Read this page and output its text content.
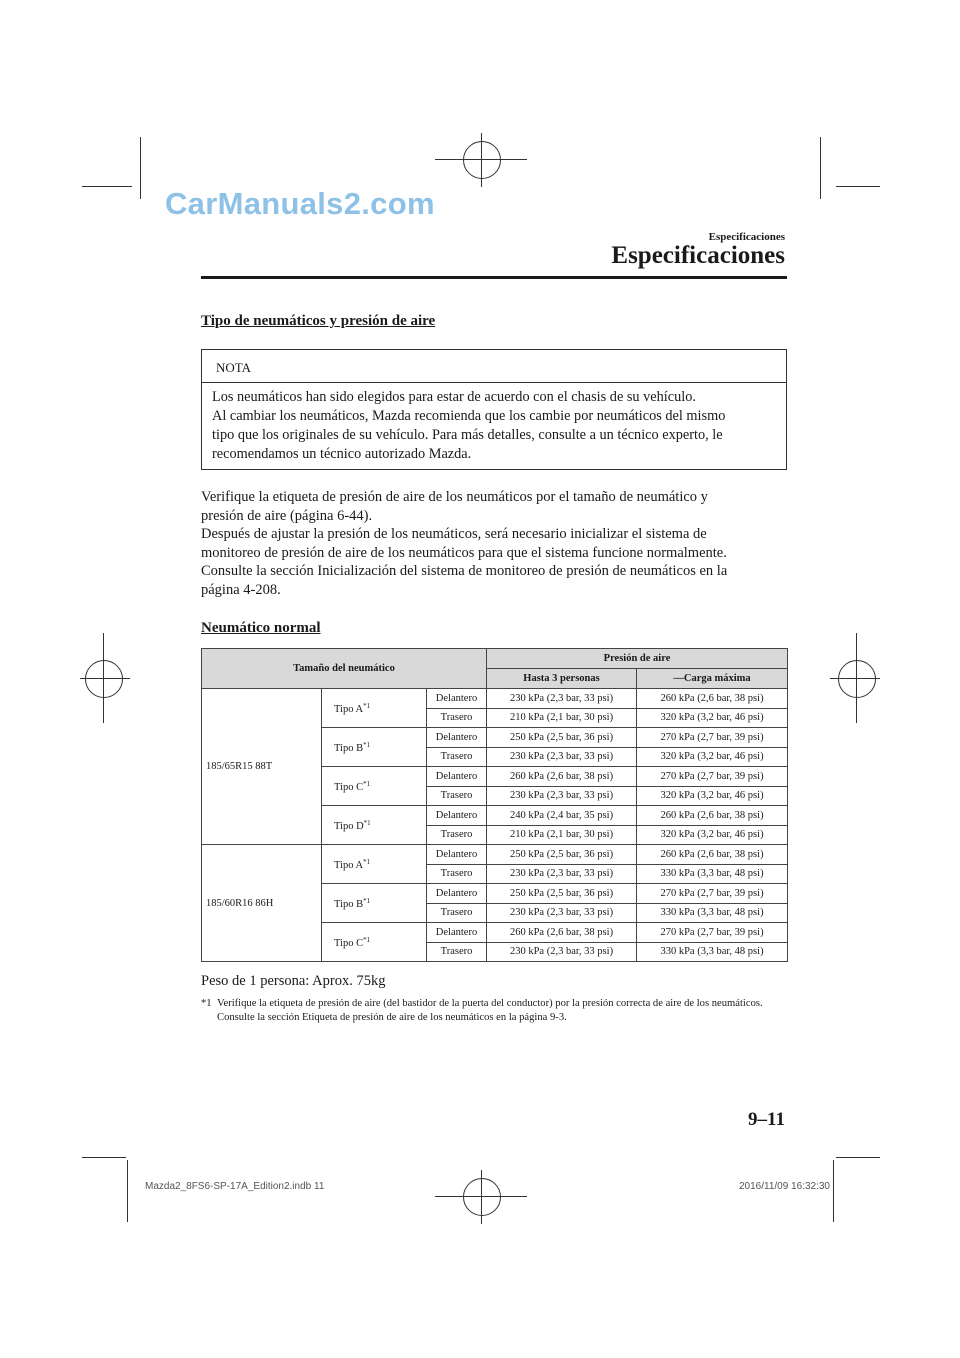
CarManuals2.com
Especificaciones
Especificaciones
Tipo de neumáticos y presión de aire
NOTA
Los neumáticos han sido elegidos para estar de acuerdo con el chasis de su vehículo.
Al cambiar los neumáticos, Mazda recomienda que los cambie por neumáticos del mismo
tipo que los originales de su vehículo. Para más detalles, consulte a un técnico experto, le
recomendamos un técnico autorizado Mazda.
Verifique la etiqueta de presión de aire de los neumáticos por el tamaño de neumático y
presión de aire (página 6-44).
Después de ajustar la presión de los neumáticos, será necesario inicializar el sistema de
monitoreo de presión de aire de los neumáticos para que el sistema funcione normalmente.
Consulte la sección Inicialización del sistema de monitoreo de presión de neumáticos en la
página 4-208.
Neumático normal
Tamaño del neumático			Presión de aire	
			Hasta 3 personas	—Carga máxima
185/65R15 88T	Tipo $A^{*1}$	Delantero	230 kPa (2,3 bar, 33 psi)	260 kPa (2,6 bar, 38 psi)
		Trasero	210 kPa (2,1 bar, 30 psi)	320 kPa (3,2 bar, 46 psi)
	Tipo $B^{*1}$	Delantero	250 kPa (2,5 bar, 36 psi)	270 kPa (2,7 bar, 39 psi)
		Trasero	230 kPa (2,3 bar, 33 psi)	320 kPa (3,2 bar, 46 psi)
	Tipo $C^{*1}$	Delantero	260 kPa (2,6 bar, 38 psi)	270 kPa (2,7 bar, 39 psi)
		Trasero	230 kPa (2,3 bar, 33 psi)	320 kPa (3,2 bar, 46 psi)
	Tipo $D^{*1}$	Delantero	240 kPa (2,4 bar, 35 psi)	260 kPa (2,6 bar, 38 psi)
		Trasero	210 kPa (2,1 bar, 30 psi)	320 kPa (3,2 bar, 46 psi)
185/60R16 86H	Tipo $A^{*1}$	Delantero	250 kPa (2,5 bar, 36 psi)	260 kPa (2,6 bar, 38 psi)
		Trasero	230 kPa (2,3 bar, 33 psi)	330 kPa (3,3 bar, 48 psi)
	Tipo $B^{*1}$	Delantero	250 kPa (2,5 bar, 36 psi)	270 kPa (2,7 bar, 39 psi)
		Trasero	230 kPa (2,3 bar, 33 psi)	330 kPa (3,3 bar, 48 psi)
	Tipo $C^{*1}$	Delantero	260 kPa (2,6 bar, 38 psi)	270 kPa (2,7 bar, 39 psi)
		Trasero	230 kPa (2,3 bar, 33 psi)	330 kPa (3,3 bar, 48 psi)
Peso de 1 persona: Aprox. 75kg
*1 Verifique la etiqueta de presión de aire (del bastidor de la puerta del conductor) por la presión correcta de aire de los neumáticos. Consulte la sección Etiqueta de presión de aire de los neumáticos en la página 9-3.
9–11
Mazda2_8FS6-SP-17A_Edition2.indb 11	2016/11/09 16:32:30
